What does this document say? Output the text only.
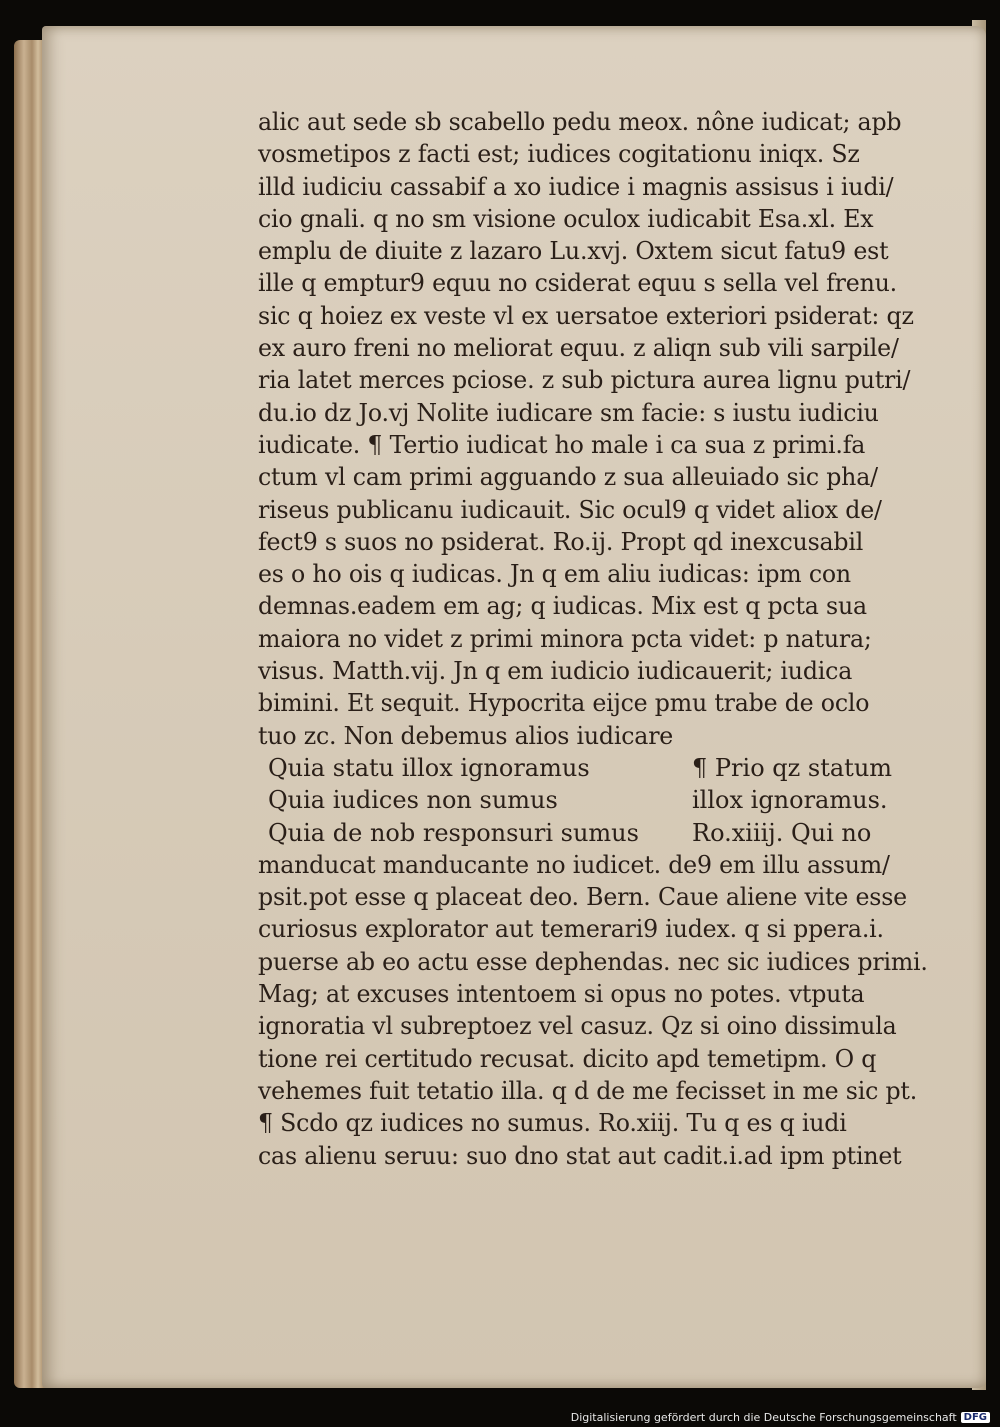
alic aut sede sb scabello pedu meox. nône iudicat; apb
vosmetipos z facti est; iudices cogitationu iniqx. Sz
illd iudiciu cassabif a xo iudice i magnis assisus i iudi/
cio gnali. q no sm visione oculox iudicabit Esa.xl. Ex
emplu de diuite z lazaro Lu.xvj. Oxtem sicut fatu9 est
ille q emptur9 equu no csiderat equu s sella vel frenu.
sic q hoiez ex veste vl ex uersatoe exteriori psiderat: qz
ex auro freni no meliorat equu. z aliqn sub vili sarpile/
ria latet merces pciose. z sub pictura aurea lignu putri/
du.io dz Jo.vj Nolite iudicare sm facie: s iustu iudiciu
iudicate. ¶ Tertio iudicat ho male i ca sua z primi.fa
ctum vl cam primi agguando z sua alleuiado sic pha/
riseus publicanu iudicauit. Sic ocul9 q videt aliox de/
fect9 s suos no psiderat. Ro.ij. Propt qd inexcusabil
es o ho ois q iudicas. Jn q em aliu iudicas: ipm con
demnas.eadem em ag; q iudicas. Mix est q pcta sua
maiora no videt z primi minora pcta videt: p natura;
visus. Matth.vij. Jn q em iudicio iudicauerit; iudica
bimini. Et sequit. Hypocrita eijce pmu trabe de oclo
tuo zc. Non debemus alios iudicare
Quia statu illox ignoramus	¶ Prio qz statum
Quia iudices non sumus	illox ignoramus.
Quia de nob responsuri sumus Ro.xiiij. Qui no
manducat manducante no iudicet. de9 em illu assum/
psit.pot esse q placeat deo. Bern. Caue aliene vite esse
curiosus explorator aut temerari9 iudex. q si ppera.i.
puerse ab eo actu esse dephendas. nec sic iudices primi.
Mag; at excuses intentoem si opus no potes. vtputa
ignoratia vl subreptoez vel casuz. Qz si oino dissimula
tione rei certitudo recusat. dicito apd temetipm. O q
vehemes fuit tetatio illa. q d de me fecisset in me sic pt.
¶ Scdo qz iudices no sumus. Ro.xiij. Tu q es q iudi
cas alienu seruu: suo dno stat aut cadit.i.ad ipm ptinet
Digitalisierung gefördert durch die Deutsche Forschungsgemeinschaft DFG
